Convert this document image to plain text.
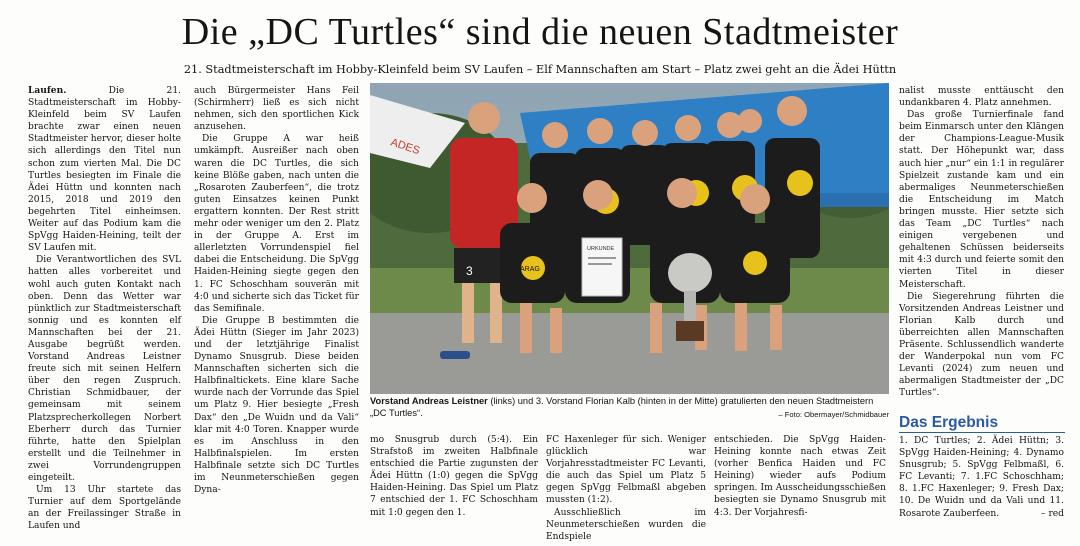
Die „DC Turtles“ sind die neuen Stadtmeister
21. Stadtmeisterschaft im Hobby-Kleinfeld beim SV Laufen – Elf Mannschaften am Start – Platz zwei geht an die Ädei Hüttn

Laufen. Die 21. Stadtmeisterschaft im Hobby-Kleinfeld beim SV Laufen brachte zwar einen neuen Stadtmeister hervor, dieser holte sich allerdings den Titel nun schon zum vierten Mal. Die DC Turtles besiegten im Finale die Ädei Hüttn und konnten nach 2015, 2018 und 2019 den begehrten Titel einheimsen. Weiter auf das Podium kam die SpVgg Haiden-Heining, teilt der SV Laufen mit.

Die Verantwortlichen des SVL hatten alles vorbereitet und wohl auch guten Kontakt nach oben. Denn das Wetter war pünktlich zur Stadtmeisterschaft sonnig und es konnten elf Mannschaften bei der 21. Ausgabe begrüßt werden. Vorstand Andreas Leistner freute sich mit seinen Helfern über den regen Zuspruch. Christian Schmidbauer, der gemeinsam mit seinem Platzsprecherkollegen Norbert Eberherr durch das Turnier führte, hatte den Spielplan erstellt und die Teilnehmer in zwei Vorrundengruppen eingeteilt.

Um 13 Uhr startete das Turnier auf dem Sportgelände an der Freilassinger Straße in Laufen und

auch Bürgermeister Hans Feil (Schirmherr) ließ es sich nicht nehmen, sich den sportlichen Kick anzusehen.

Die Gruppe A war heiß umkämpft. Ausreißer nach oben waren die DC Turtles, die sich keine Blöße gaben, nach unten die „Rosaroten Zauberfeen“, die trotz guten Einsatzes keinen Punkt ergattern konnten. Der Rest stritt mehr oder weniger um den 2. Platz in der Gruppe A. Erst im allerletzten Vorrundenspiel fiel dabei die Entscheidung. Die SpVgg Haiden-Heining siegte gegen den 1. FC Schoschham souverän mit 4:0 und sicherte sich das Ticket für das Semifinale.

Die Gruppe B bestimmten die Ädei Hüttn (Sieger im Jahr 2023) und der letztjährige Finalist Dynamo Snusgrub. Diese beiden Mannschaften sicherten sich die Halbfinaltickets. Eine klare Sache wurde nach der Vorrunde das Spiel um Platz 9. Hier besiegte „Fresh Dax“ den „De Wuidn und da Vali“ klar mit 4:0 Toren. Knapper wurde es im Anschluss in den Halbfinalspielen. Im ersten Halbfinale setzte sich DC Turtles im Neunmeterschießen gegen Dyna-

ADES
3	ARAG
URKUNDE
Vorstand Andreas Leistner (links) und 3. Vorstand Florian Kalb (hinten in der Mitte) gratulierten den neuen Stadtmeistern „DC Turtles“.	– Foto: Obermayer/Schmidbauer

mo Snusgrub durch (5:4). Ein Strafstoß im zweiten Halbfinale entschied die Partie zugunsten der Ädei Hüttn (1:0) gegen die SpVgg Haiden-Heining. Das Spiel um Platz 7 entschied der 1. FC Schoschham mit 1:0 gegen den 1.

FC Haxenleger für sich. Weniger glücklich war Vorjahresstadtmeister FC Levanti, die auch das Spiel um Platz 5 gegen SpVgg Felbmaßl abgeben mussten (1:2).

Ausschließlich im Neunmeterschießen wurden die Endspiele

entschieden. Die SpVgg Haiden-Heining konnte nach etwas Zeit (vorher Benfica Haiden und FC Heining) wieder aufs Podium springen. Im Ausscheidungsschießen besiegten sie Dynamo Snusgrub mit 4:3. Der Vorjahresfi-

nalist musste enttäuscht den undankbaren 4. Platz annehmen.

Das große Turnierfinale fand beim Einmarsch unter den Klängen der Champions-League-Musik statt. Der Höhepunkt war, dass auch hier „nur“ ein 1:1 in regulärer Spielzeit zustande kam und ein abermaliges Neunmeterschießen die Entscheidung im Match bringen musste. Hier setzte sich das Team „DC Turtles“ nach einigen vergebenen und gehaltenen Schüssen beiderseits mit 4:3 durch und feierte somit den vierten Titel in dieser Meisterschaft.

Die Siegerehrung führten die Vorsitzenden Andreas Leistner und Florian Kalb durch und überreichten allen Mannschaften Präsente. Schlussendlich wanderte der Wanderpokal nun vom FC Levanti (2024) zum neuen und abermaligen Stadtmeister der „DC Turtles“.

Das Ergebnis

1. DC Turtles; 2. Ädei Hüttn; 3. SpVgg Haiden-Heining; 4. Dynamo Snusgrub; 5. SpVgg Felbmaßl, 6. FC Levanti; 7. 1.FC Schoschham; 8. 1.FC Haxenleger; 9. Fresh Dax; 10. De Wuidn und da Vali und 11. Rosarote Zauberfeen.	– red
